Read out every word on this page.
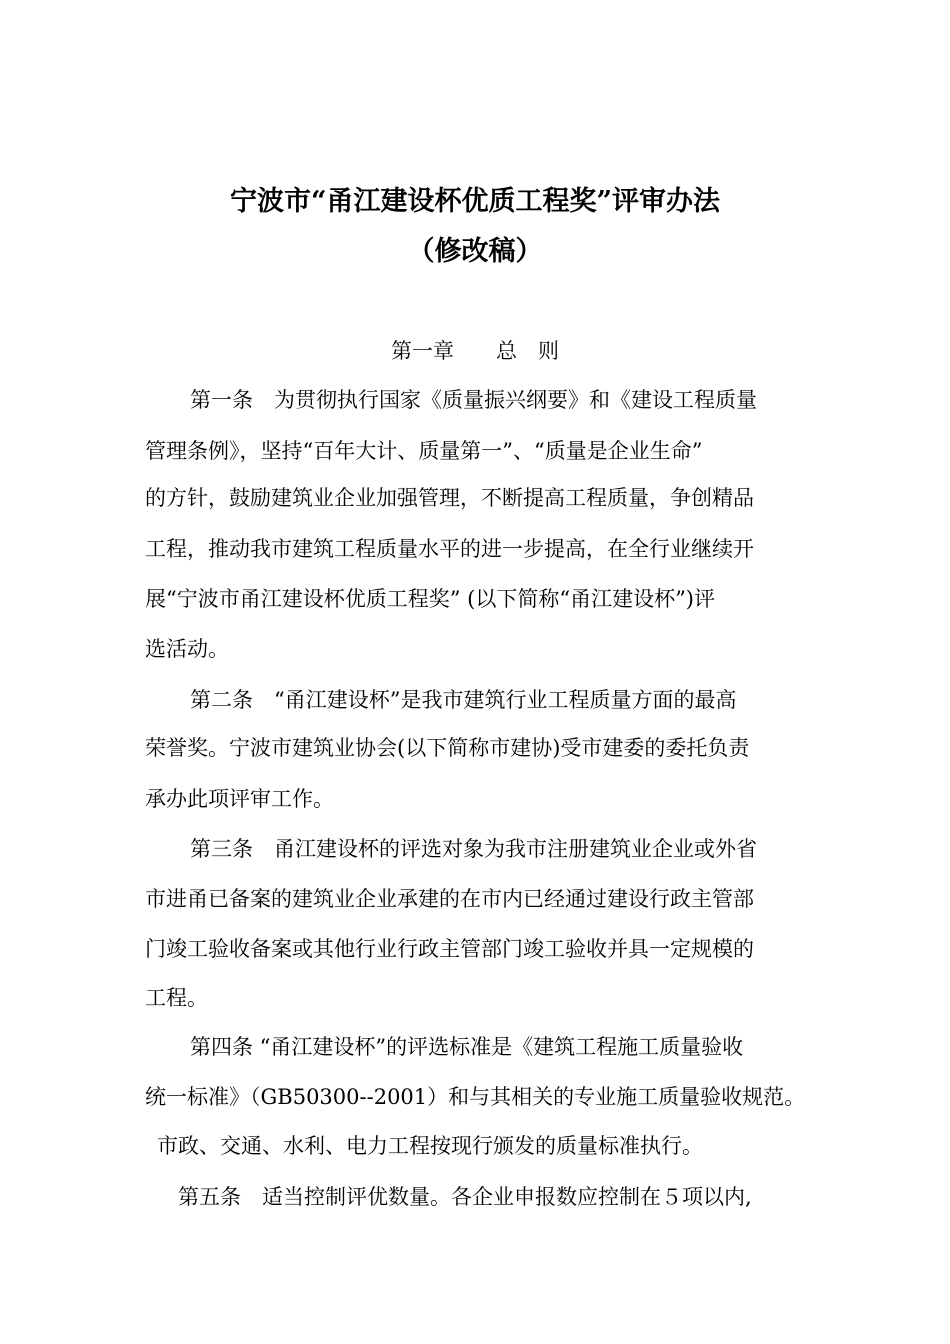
宁波市“甬江建设杯优质工程奖”评审办法
（修改稿）
第一章　　总　则

第一条　为贯彻执行国家《质量振兴纲要》和《建设工程质量

管理条例》，坚持“百年大计、质量第一”、“质量是企业生命”

的方针，鼓励建筑业企业加强管理，不断提高工程质量，争创精品

工程，推动我市建筑工程质量水平的进一步提高，在全行业继续开

展“宁波市甬江建设杯优质工程奖” (以下简称“甬江建设杯”)评

选活动。

第二条　“甬江建设杯”是我市建筑行业工程质量方面的最高

荣誉奖。宁波市建筑业协会(以下简称市建协)受市建委的委托负责

承办此项评审工作。

第三条　甬江建设杯的评选对象为我市注册建筑业企业或外省

市进甬已备案的建筑业企业承建的在市内已经通过建设行政主管部

门竣工验收备案或其他行业行政主管部门竣工验收并具一定规模的

工程。

第四条 “甬江建设杯”的评选标准是《建筑工程施工质量验收

统一标准》（GB50300--2001）和与其相关的专业施工质量验收规范。

市政、交通、水利、电力工程按现行颁发的质量标准执行。

第五条　适当控制评优数量。各企业申报数应控制在５项以内,
